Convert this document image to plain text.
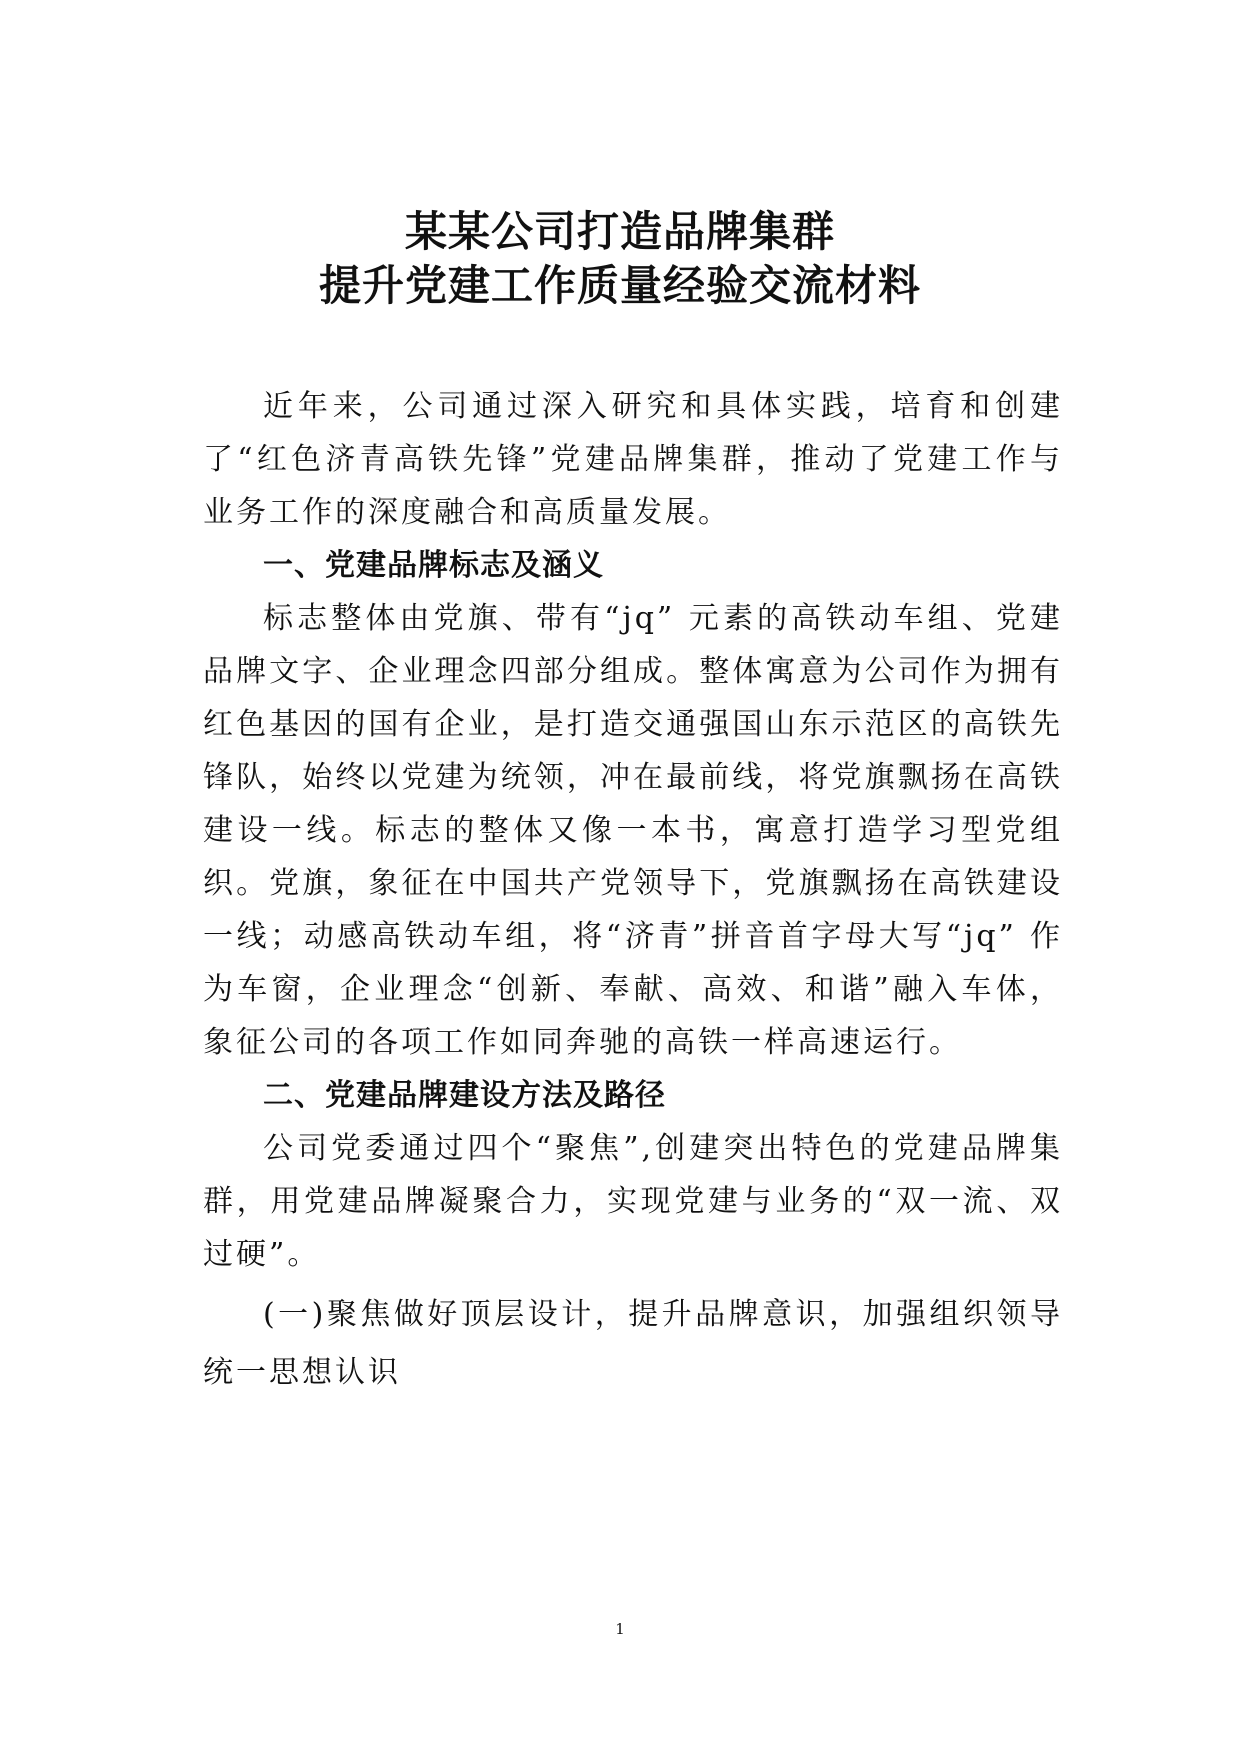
某某公司打造品牌集群
提升党建工作质量经验交流材料

近年来，公司通过深入研究和具体实践，培育和创建了“红色济青高铁先锋”党建品牌集群，推动了党建工作与业务工作的深度融合和高质量发展。

一、党建品牌标志及涵义

标志整体由党旗、带有“jq” 元素的高铁动车组、党建品牌文字、企业理念四部分组成。整体寓意为公司作为拥有红色基因的国有企业，是打造交通强国山东示范区的高铁先锋队，始终以党建为统领，冲在最前线，将党旗飘扬在高铁建设一线。标志的整体又像一本书，寓意打造学习型党组织。党旗，象征在中国共产党领导下，党旗飘扬在高铁建设一线；动感高铁动车组，将“济青”拼音首字母大写“jq” 作为车窗，企业理念“创新、奉献、高效、和谐”融入车体，象征公司的各项工作如同奔驰的高铁一样高速运行。

二、党建品牌建设方法及路径

公司党委通过四个“聚焦”,创建突出特色的党建品牌集群，用党建品牌凝聚合力，实现党建与业务的“双一流、双过硬”。

(一)聚焦做好顶层设计，提升品牌意识，加强组织领导统一思想认识

1
